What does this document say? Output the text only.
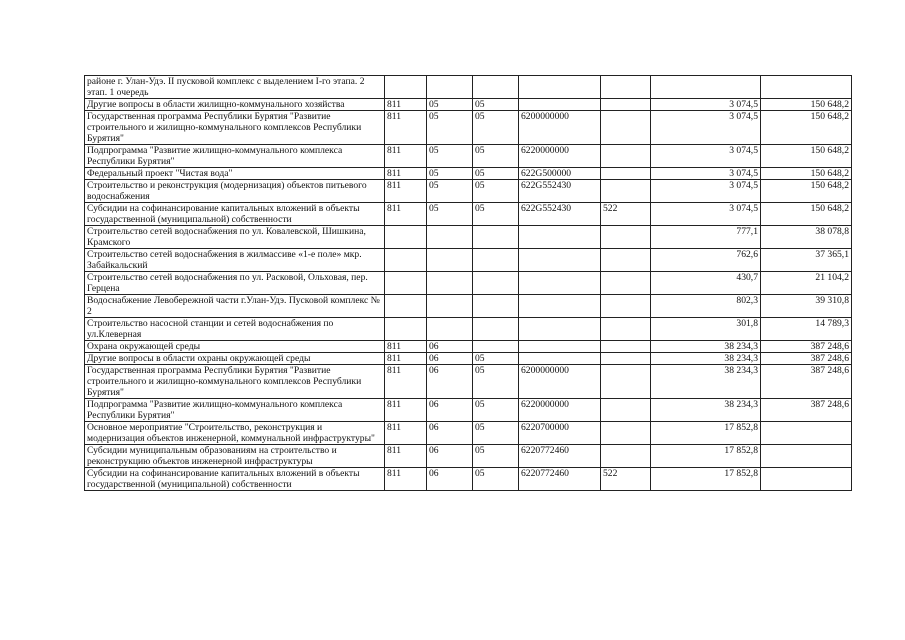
районе г. Улан-Удэ. II пусковой комплекс с выделением I-го этапа. 2 этап. 1 очередь							
Другие вопросы в области жилищно-коммунального хозяйства	811	05	05			3 074,5	150 648,2
Государственная программа Республики Бурятия "Развитие строительного и жилищно-коммунального комплексов Республики Бурятия"	811	05	05	6200000000		3 074,5	150 648,2
Подпрограмма "Развитие жилищно-коммунального комплекса Республики Бурятия"	811	05	05	6220000000		3 074,5	150 648,2
Федеральный проект "Чистая вода"	811	05	05	622G500000		3 074,5	150 648,2
Строительство и реконструкция (модернизация) объектов питьевого водоснабжения	811	05	05	622G552430		3 074,5	150 648,2
Субсидии на софинансирование капитальных вложений в объекты государственной (муниципальной) собственности	811	05	05	622G552430	522	3 074,5	150 648,2
Строительство сетей водоснабжения по ул. Ковалевской, Шишкина, Крамского						777,1	38 078,8
Строительство сетей водоснабжения в жилмассиве «1-е поле» мкр. Забайкальский						762,6	37 365,1
Строительство сетей водоснабжения по ул. Расковой, Ольховая, пер. Герцена						430,7	21 104,2
Водоснабжение Левобережной части г.Улан-Удэ. Пусковой комплекс № 2						802,3	39 310,8
Строительство насосной станции и сетей водоснабжения по ул.Клеверная						301,8	14 789,3
Охрана окружающей среды	811	06				38 234,3	387 248,6
Другие вопросы в области охраны окружающей среды	811	06	05			38 234,3	387 248,6
Государственная программа Республики Бурятия "Развитие строительного и жилищно-коммунального комплексов Республики Бурятия"	811	06	05	6200000000		38 234,3	387 248,6
Подпрограмма "Развитие жилищно-коммунального комплекса Республики Бурятия"	811	06	05	6220000000		38 234,3	387 248,6
Основное мероприятие "Строительство, реконструкция и модернизация объектов инженерной, коммунальной инфраструктуры"	811	06	05	6220700000		17 852,8	
Субсидии муниципальным образованиям на строительство и реконструкцию объектов инженерной инфраструктуры	811	06	05	6220772460		17 852,8	
Субсидии на софинансирование капитальных вложений в объекты государственной (муниципальной) собственности	811	06	05	6220772460	522	17 852,8	
